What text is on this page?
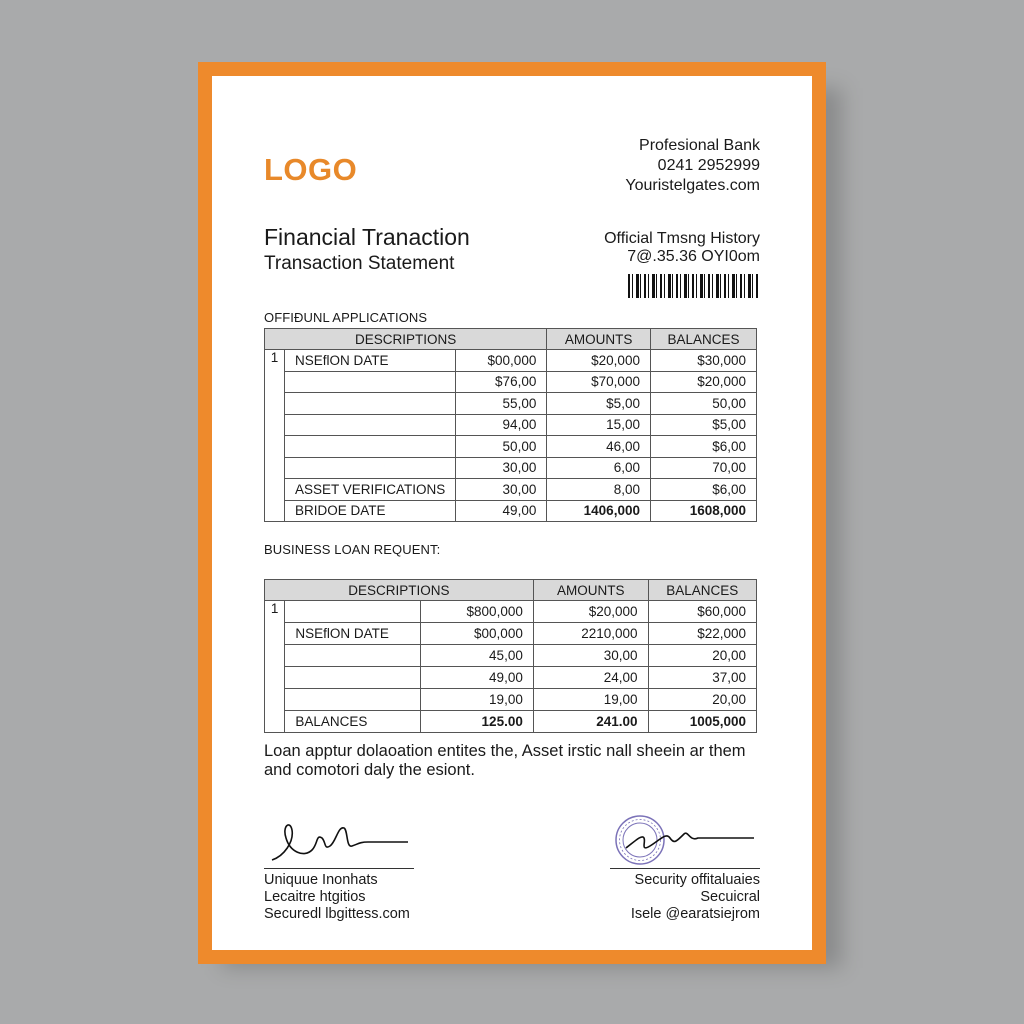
LOGO
Profesional Bank
0241 2952999
Youristelgates.com
Financial Tranaction
Transaction Statement
Official Tmsng History
7@.35.36 OYI0om
OFFIÐUNL APPLICATIONS
DESCRIPTIONS			AMOUNTS	BALANCES
1	NSEflON DATE	$00,000	$20,000	$30,000
		$76,00	$70,000	$20,000
		55,00	$5,00	50,00
		94,00	15,00	$5,00
		50,00	46,00	$6,00
		30,00	6,00	70,00
	ASSET VERIFICATIONS	30,00	8,00	$6,00
	BRIDOE DATE	49,00	1406,000	1608,000
BUSINESS LOAN REQUENT:
DESCRIPTIONS			AMOUNTS	BALANCES
1		$800,000	$20,000	$60,000
	NSEflON DATE	$00,000	2210,000	$22,000
		45,00	30,00	20,00
		49,00	24,00	37,00
		19,00	19,00	20,00
	BALANCES	125.00	241.00	1005,000
Loan apptur dolaoation entites the, Asset irstic nall sheein ar them and comotori daly the esiont.
Uniquue Inonhats
Lecaitre htgitios
Securedl lbgittess.com
Security offitaluaies
Secuicral
Isele @earatsiejrom
